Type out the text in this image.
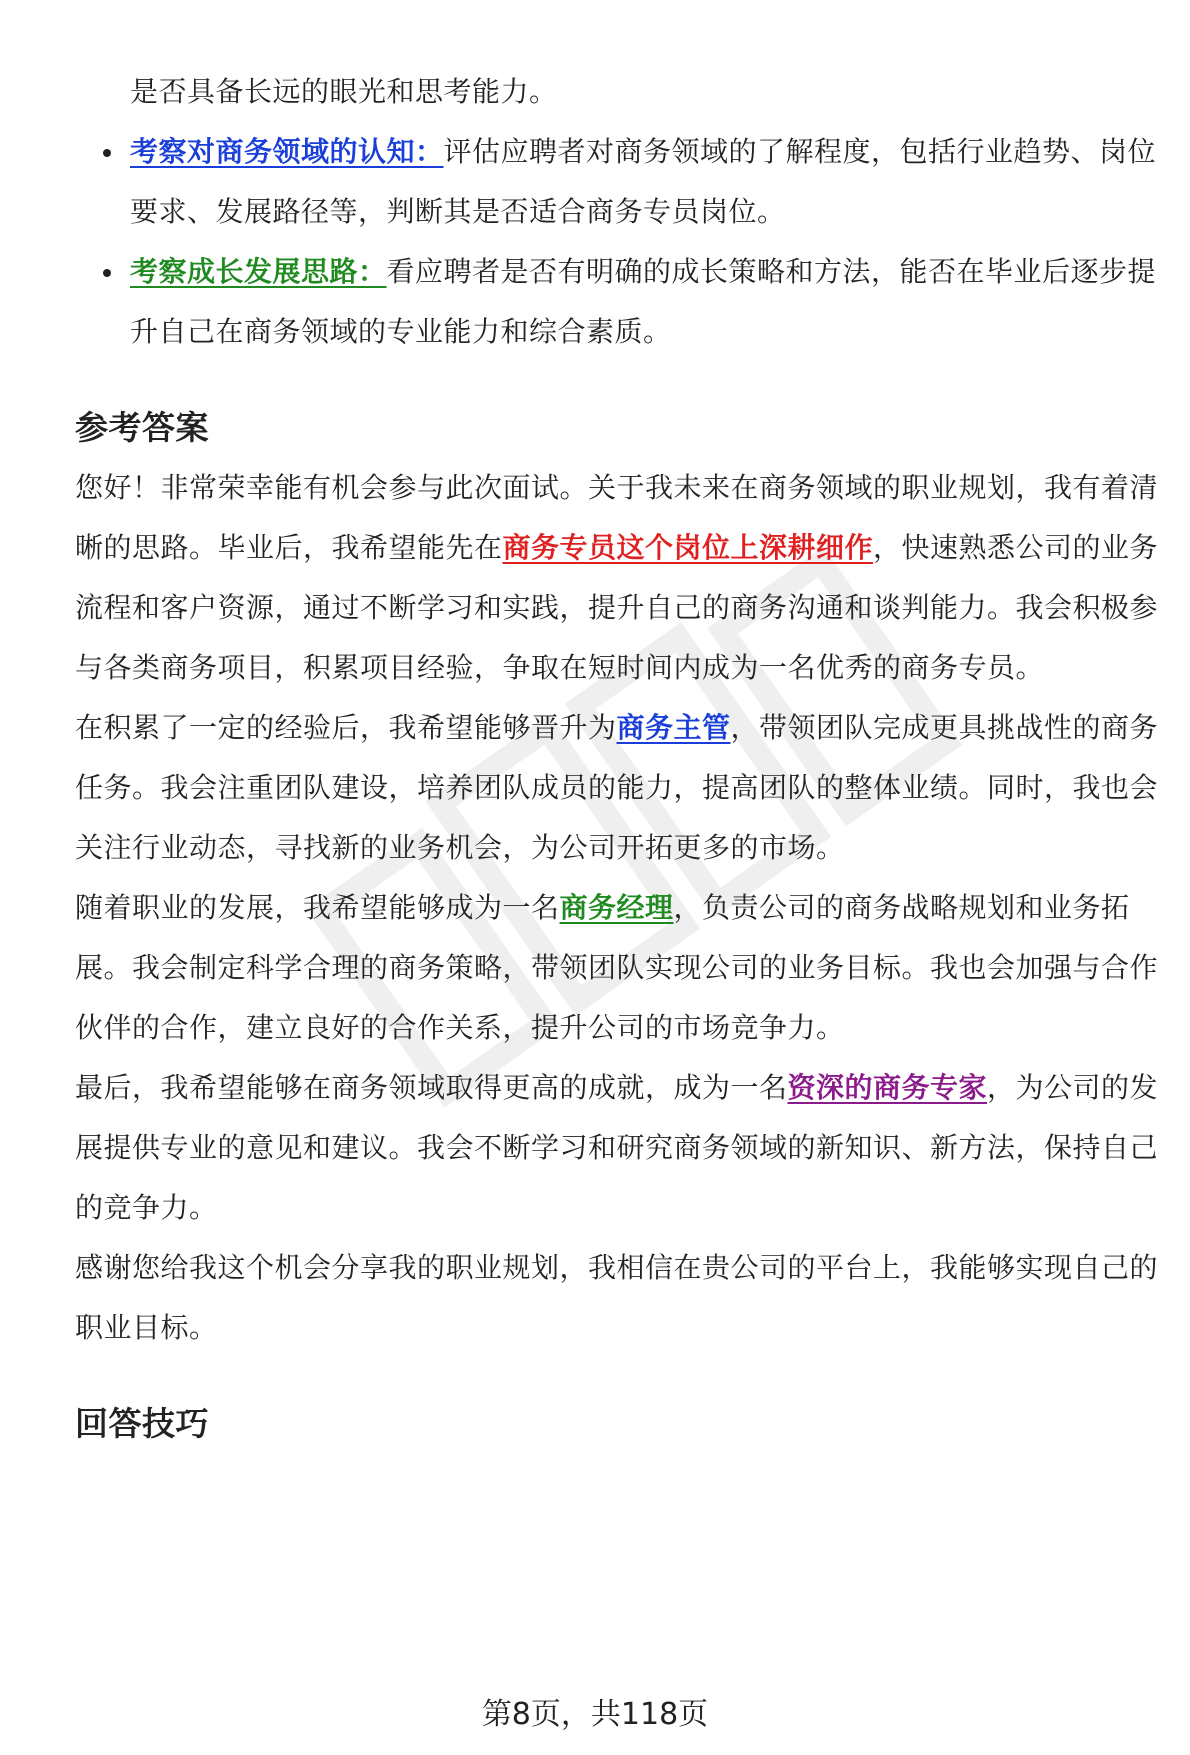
是否具备长远的眼光和思考能力。
考察对商务领域的认知：评估应聘者对商务领域的了解程度，包括行业趋势、岗位要求、发展路径等，判断其是否适合商务专员岗位。
考察成长发展思路：看应聘者是否有明确的成长策略和方法，能否在毕业后逐步提升自己在商务领域的专业能力和综合素质。
参考答案

您好！非常荣幸能有机会参与此次面试。关于我未来在商务领域的职业规划，我有着清晰的思路。毕业后，我希望能先在商务专员这个岗位上深耕细作，快速熟悉公司的业务流程和客户资源，通过不断学习和实践，提升自己的商务沟通和谈判能力。我会积极参与各类商务项目，积累项目经验，争取在短时间内成为一名优秀的商务专员。

在积累了一定的经验后，我希望能够晋升为商务主管，带领团队完成更具挑战性的商务任务。我会注重团队建设，培养团队成员的能力，提高团队的整体业绩。同时，我也会关注行业动态，寻找新的业务机会，为公司开拓更多的市场。

随着职业的发展，我希望能够成为一名商务经理，负责公司的商务战略规划和业务拓展。我会制定科学合理的商务策略，带领团队实现公司的业务目标。我也会加强与合作伙伴的合作，建立良好的合作关系，提升公司的市场竞争力。

最后，我希望能够在商务领域取得更高的成就，成为一名资深的商务专家，为公司的发展提供专业的意见和建议。我会不断学习和研究商务领域的新知识、新方法，保持自己的竞争力。

感谢您给我这个机会分享我的职业规划，我相信在贵公司的平台上，我能够实现自己的职业目标。

回答技巧
第8页，共118页
